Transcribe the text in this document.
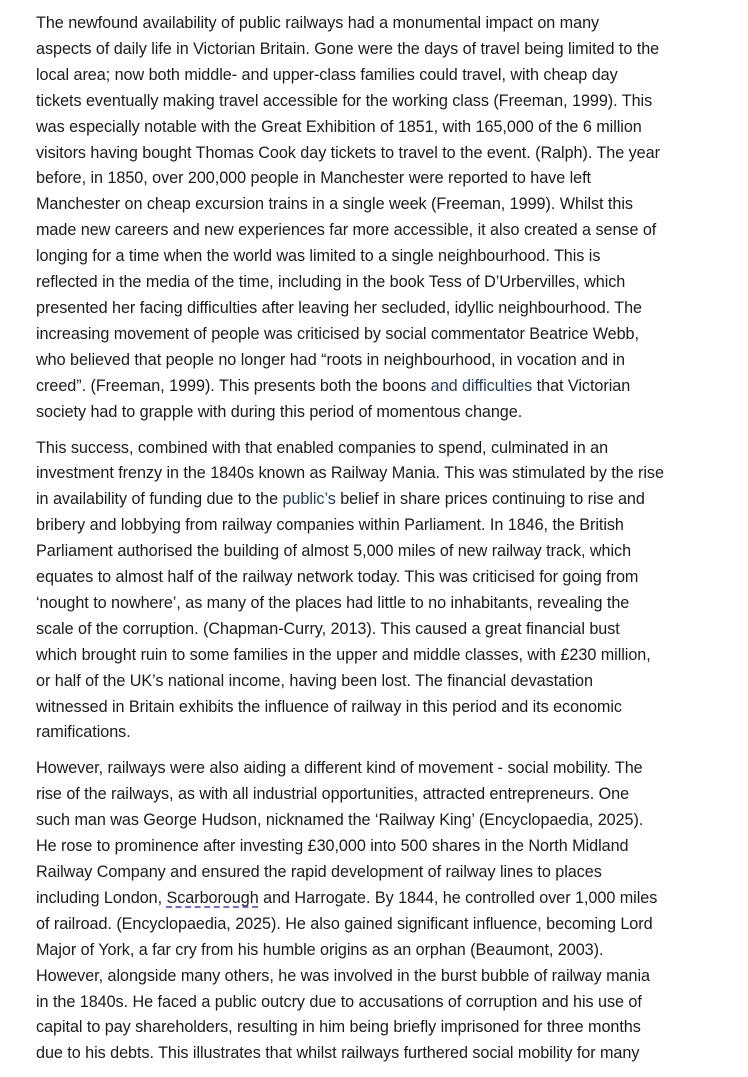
The newfound availability of public railways had a monumental impact on many
aspects of daily life in Victorian Britain. Gone were the days of travel being limited to the
local area; now both middle- and upper-class families could travel, with cheap day
tickets eventually making travel accessible for the working class (Freeman, 1999). This
was especially notable with the Great Exhibition of 1851, with 165,000 of the 6 million
visitors having bought Thomas Cook day tickets to travel to the event. (Ralph). The year
before, in 1850, over 200,000 people in Manchester were reported to have left
Manchester on cheap excursion trains in a single week (Freeman, 1999). Whilst this
made new careers and new experiences far more accessible, it also created a sense of
longing for a time when the world was limited to a single neighbourhood. This is
reflected in the media of the time, including in the book Tess of D’Urbervilles, which
presented her facing difficulties after leaving her secluded, idyllic neighbourhood. The
increasing movement of people was criticised by social commentator Beatrice Webb,
who believed that people no longer had “roots in neighbourhood, in vocation and in
creed”. (Freeman, 1999). This presents both the boons and difficulties that Victorian
society had to grapple with during this period of momentous change.

This success, combined with that enabled companies to spend, culminated in an
investment frenzy in the 1840s known as Railway Mania. This was stimulated by the rise
in availability of funding due to the public’s belief in share prices continuing to rise and
bribery and lobbying from railway companies within Parliament. In 1846, the British
Parliament authorised the building of almost 5,000 miles of new railway track, which
equates to almost half of the railway network today. This was criticised for going from
‘nought to nowhere’, as many of the places had little to no inhabitants, revealing the
scale of the corruption. (Chapman-Curry, 2013). This caused a great financial bust
which brought ruin to some families in the upper and middle classes, with £230 million,
or half of the UK’s national income, having been lost. The financial devastation
witnessed in Britain exhibits the influence of railway in this period and its economic
ramifications.

However, railways were also aiding a different kind of movement - social mobility. The
rise of the railways, as with all industrial opportunities, attracted entrepreneurs. One
such man was George Hudson, nicknamed the ‘Railway King’ (Encyclopaedia, 2025).
He rose to prominence after investing £30,000 into 500 shares in the North Midland
Railway Company and ensured the rapid development of railway lines to places
including London, Scarborough and Harrogate. By 1844, he controlled over 1,000 miles
of railroad. (Encyclopaedia, 2025). He also gained significant influence, becoming Lord
Major of York, a far cry from his humble origins as an orphan (Beaumont, 2003).
However, alongside many others, he was involved in the burst bubble of railway mania
in the 1840s. He faced a public outcry due to accusations of corruption and his use of
capital to pay shareholders, resulting in him being briefly imprisoned for three months
due to his debts. This illustrates that whilst railways furthered social mobility for many
